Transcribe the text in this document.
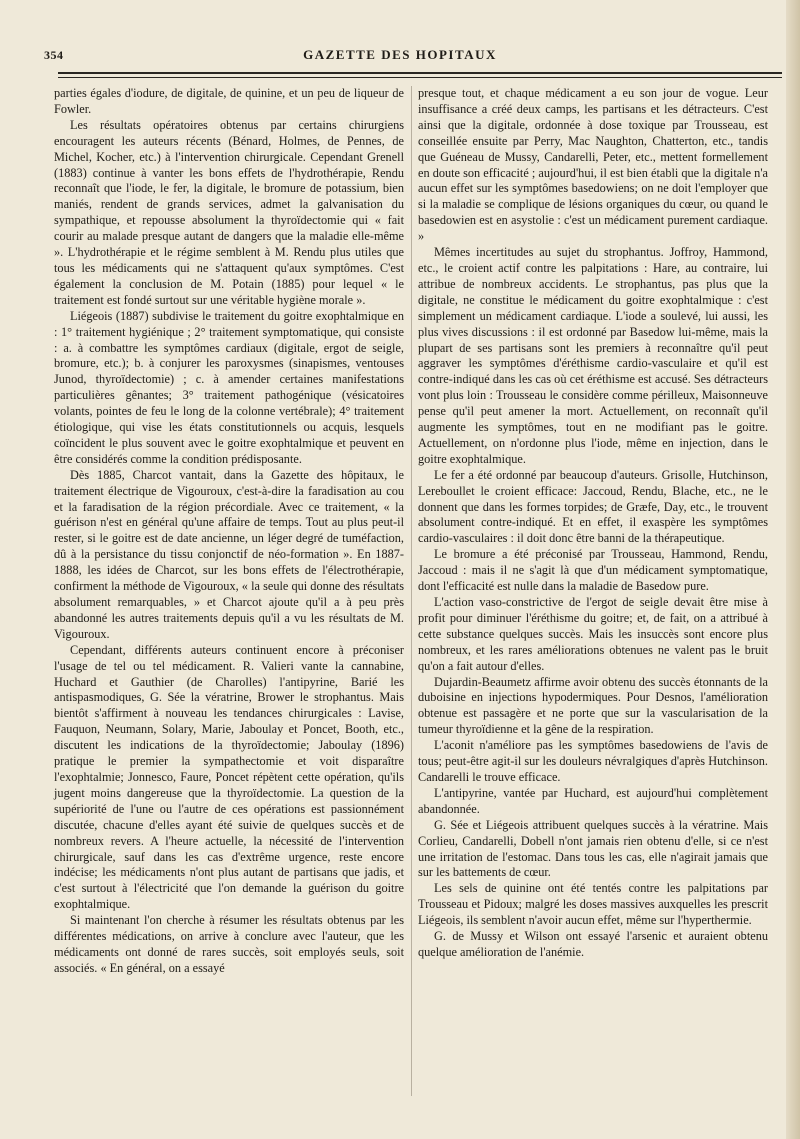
354	GAZETTE DES HOPITAUX

parties égales d'iodure, de digitale, de quinine, et un peu de liqueur de Fowler.

Les résultats opératoires obtenus par certains chirurgiens encouragent les auteurs récents (Bénard, Holmes, de Pennes, de Michel, Kocher, etc.) à l'intervention chirurgicale. Cependant Grenell (1883) continue à vanter les bons effets de l'hydrothérapie, Rendu reconnaît que l'iode, le fer, la digitale, le bromure de potassium, bien maniés, rendent de grands services, admet la galvanisation du sympathique, et repousse absolument la thyroïdectomie qui « fait courir au malade presque autant de dangers que la maladie elle-même ». L'hydrothérapie et le régime semblent à M. Rendu plus utiles que tous les médicaments qui ne s'attaquent qu'aux symptômes. C'est également la conclusion de M. Potain (1885) pour lequel « le traitement est fondé surtout sur une véritable hygiène morale ».

Liégeois (1887) subdivise le traitement du goitre exophtalmique en : 1° traitement hygiénique ; 2° traitement symptomatique, qui consiste : a. à combattre les symptômes cardiaux (digitale, ergot de seigle, bromure, etc.); b. à conjurer les paroxysmes (sinapismes, ventouses Junod, thyroïdectomie) ; c. à amender certaines manifestations particulières gênantes; 3° traitement pathogénique (vésicatoires volants, pointes de feu le long de la colonne vertébrale); 4° traitement étiologique, qui vise les états constitutionnels ou acquis, lesquels coïncident le plus souvent avec le goitre exophtalmique et peuvent en être considérés comme la condition prédisposante.

Dès 1885, Charcot vantait, dans la Gazette des hôpitaux, le traitement électrique de Vigouroux, c'est-à-dire la faradisation au cou et la faradisation de la région précordiale. Avec ce traitement, « la guérison n'est en général qu'une affaire de temps. Tout au plus peut-il rester, si le goitre est de date ancienne, un léger degré de tuméfaction, dû à la persistance du tissu conjonctif de néo-formation ». En 1887-1888, les idées de Charcot, sur les bons effets de l'électrothérapie, confirment la méthode de Vigouroux, « la seule qui donne des résultats absolument remarquables, » et Charcot ajoute qu'il a à peu près abandonné les autres traitements depuis qu'il a vu les résultats de M. Vigouroux.

Cependant, différents auteurs continuent encore à préconiser l'usage de tel ou tel médicament. R. Valieri vante la cannabine, Huchard et Gauthier (de Charolles) l'antipyrine, Barié les antispasmodiques, G. Sée la vératrine, Brower le strophantus. Mais bientôt s'affirment à nouveau les tendances chirurgicales : Lavise, Fauquon, Neumann, Solary, Marie, Jaboulay et Poncet, Booth, etc., discutent les indications de la thyroïdectomie; Jaboulay (1896) pratique le premier la sympathectomie et voit disparaître l'exophtalmie; Jonnesco, Faure, Poncet répètent cette opération, qu'ils jugent moins dangereuse que la thyroïdectomie. La question de la supériorité de l'une ou l'autre de ces opérations est passionnément discutée, chacune d'elles ayant été suivie de quelques succès et de nombreux revers. A l'heure actuelle, la nécessité de l'intervention chirurgicale, sauf dans les cas d'extrême urgence, reste encore indécise; les médicaments n'ont plus autant de partisans que jadis, et c'est surtout à l'électricité que l'on demande la guérison du goitre exophtalmique.

Si maintenant l'on cherche à résumer les résultats obtenus par les différentes médications, on arrive à conclure avec l'auteur, que les médicaments ont donné de rares succès, soit employés seuls, soit associés. « En général, on a essayé

presque tout, et chaque médicament a eu son jour de vogue. Leur insuffisance a créé deux camps, les partisans et les détracteurs. C'est ainsi que la digitale, ordonnée à dose toxique par Trousseau, est conseillée ensuite par Perry, Mac Naughton, Chatterton, etc., tandis que Guéneau de Mussy, Candarelli, Peter, etc., mettent formellement en doute son efficacité ; aujourd'hui, il est bien établi que la digitale n'a aucun effet sur les symptômes basedowiens; on ne doit l'employer que si la maladie se complique de lésions organiques du cœur, ou quand le basedowien est en asystolie : c'est un médicament purement cardiaque. »

Mêmes incertitudes au sujet du strophantus. Joffroy, Hammond, etc., le croient actif contre les palpitations : Hare, au contraire, lui attribue de nombreux accidents. Le strophantus, pas plus que la digitale, ne constitue le médicament du goitre exophtalmique : c'est simplement un médicament cardiaque. L'iode a soulevé, lui aussi, les plus vives discussions : il est ordonné par Basedow lui-même, mais la plupart de ses partisans sont les premiers à reconnaître qu'il peut aggraver les symptômes d'éréthisme cardio-vasculaire et qu'il est contre-indiqué dans les cas où cet éréthisme est accusé. Ses détracteurs vont plus loin : Trousseau le considère comme périlleux, Maisonneuve pense qu'il peut amener la mort. Actuellement, on reconnaît qu'il augmente les symptômes, tout en ne modifiant pas le goitre. Actuellement, on n'ordonne plus l'iode, même en injection, dans le goitre exophtalmique.

Le fer a été ordonné par beaucoup d'auteurs. Grisolle, Hutchinson, Lereboullet le croient efficace: Jaccoud, Rendu, Blache, etc., ne le donnent que dans les formes torpides; de Græfe, Day, etc., le trouvent absolument contre-indiqué. Et en effet, il exaspère les symptômes cardio-vasculaires : il doit donc être banni de la thérapeutique.

Le bromure a été préconisé par Trousseau, Hammond, Rendu, Jaccoud : mais il ne s'agit là que d'un médicament symptomatique, dont l'efficacité est nulle dans la maladie de Basedow pure.

L'action vaso-constrictive de l'ergot de seigle devait être mise à profit pour diminuer l'éréthisme du goitre; et, de fait, on a attribué à cette substance quelques succès. Mais les insuccès sont encore plus nombreux, et les rares améliorations obtenues ne valent pas le bruit qu'on a fait autour d'elles.

Dujardin-Beaumetz affirme avoir obtenu des succès étonnants de la duboisine en injections hypodermiques. Pour Desnos, l'amélioration obtenue est passagère et ne porte que sur la vascularisation de la tumeur thyroïdienne et la gêne de la respiration.

L'aconit n'améliore pas les symptômes basedowiens de l'avis de tous; peut-être agit-il sur les douleurs névralgiques d'après Hutchinson. Candarelli le trouve efficace.

L'antipyrine, vantée par Huchard, est aujourd'hui complètement abandonnée.

G. Sée et Liégeois attribuent quelques succès à la vératrine. Mais Corlieu, Candarelli, Dobell n'ont jamais rien obtenu d'elle, si ce n'est une irritation de l'estomac. Dans tous les cas, elle n'agirait jamais que sur les battements de cœur.

Les sels de quinine ont été tentés contre les palpitations par Trousseau et Pidoux; malgré les doses massives auxquelles les prescrit Liégeois, ils semblent n'avoir aucun effet, même sur l'hyperthermie.

G. de Mussy et Wilson ont essayé l'arsenic et auraient obtenu quelque amélioration de l'anémie.
